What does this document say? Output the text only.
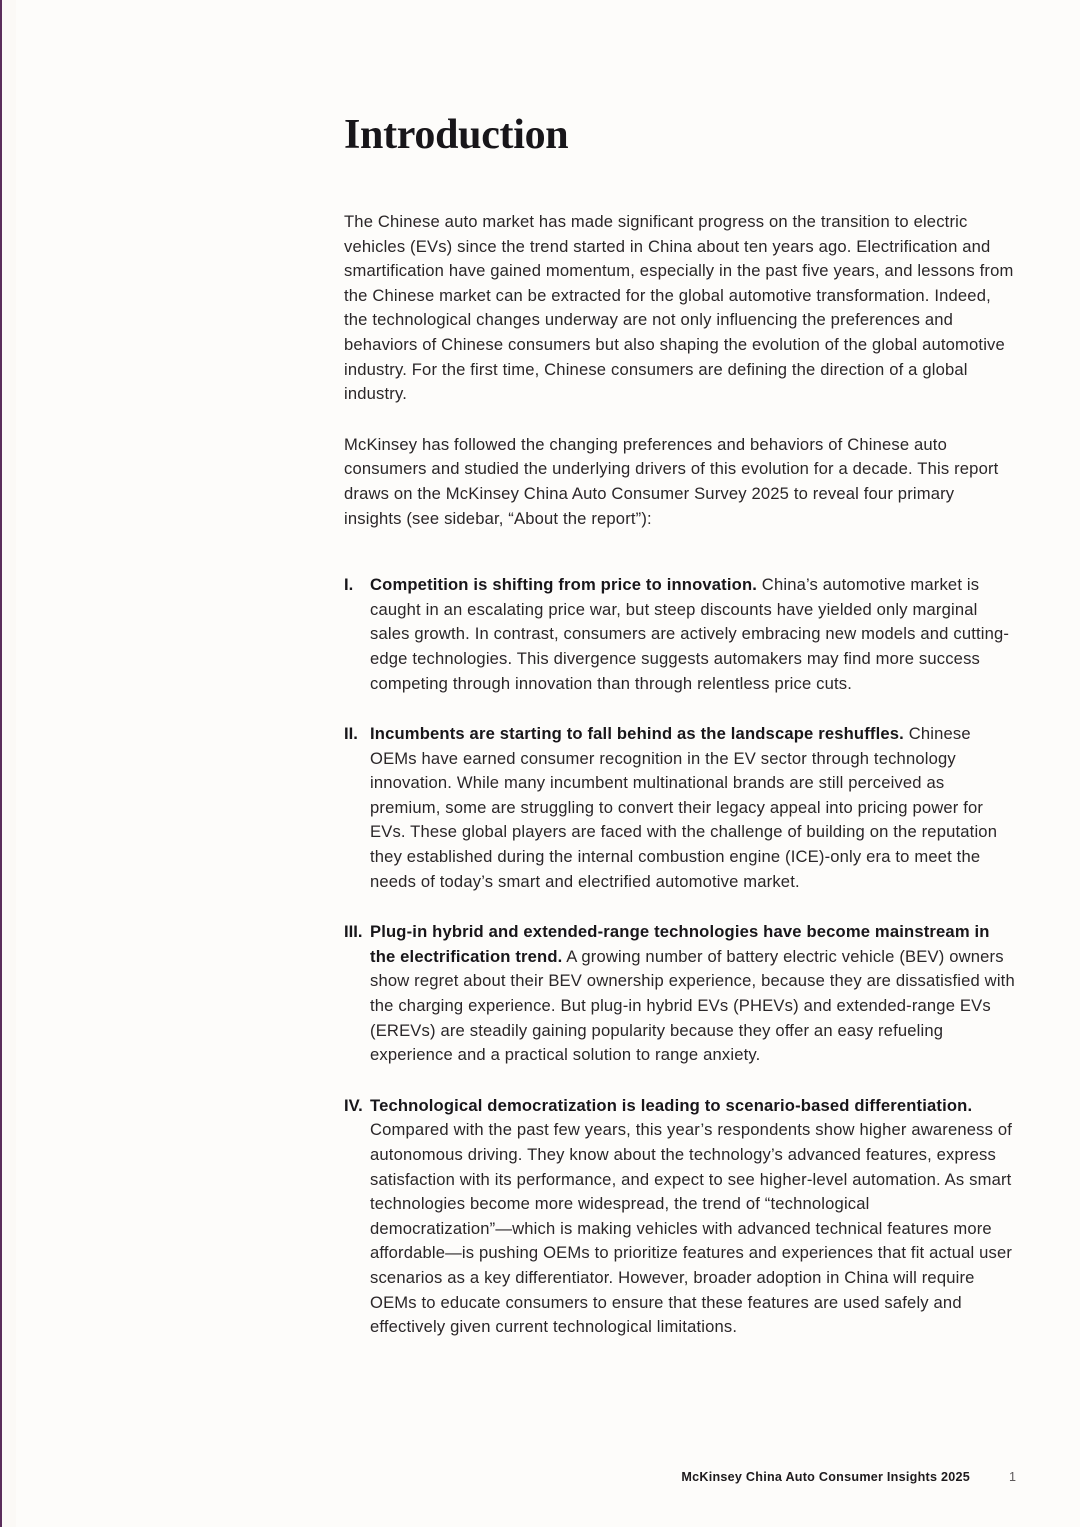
Introduction

The Chinese auto market has made significant progress on the transition to electric vehicles (EVs) since the trend started in China about ten years ago. Electrification and smartification have gained momentum, especially in the past five years, and lessons from the Chinese market can be extracted for the global automotive transformation. Indeed, the technological changes underway are not only influencing the preferences and behaviors of Chinese consumers but also shaping the evolution of the global automotive industry. For the first time, Chinese consumers are defining the direction of a global industry.

McKinsey has followed the changing preferences and behaviors of Chinese auto consumers and studied the underlying drivers of this evolution for a decade. This report draws on the McKinsey China Auto Consumer Survey 2025 to reveal four primary insights (see sidebar, “About the report”):

I. Competition is shifting from price to innovation. China’s automotive market is caught in an escalating price war, but steep discounts have yielded only marginal sales growth. In contrast, consumers are actively embracing new models and cutting-edge technologies. This divergence suggests automakers may find more success competing through innovation than through relentless price cuts.
II. Incumbents are starting to fall behind as the landscape reshuffles. Chinese OEMs have earned consumer recognition in the EV sector through technology innovation. While many incumbent multinational brands are still perceived as premium, some are struggling to convert their legacy appeal into pricing power for EVs. These global players are faced with the challenge of building on the reputation they established during the internal combustion engine (ICE)-only era to meet the needs of today’s smart and electrified automotive market.
III. Plug-in hybrid and extended-range technologies have become mainstream in the electrification trend. A growing number of battery electric vehicle (BEV) owners show regret about their BEV ownership experience, because they are dissatisfied with the charging experience. But plug-in hybrid EVs (PHEVs) and extended-range EVs (EREVs) are steadily gaining popularity because they offer an easy refueling experience and a practical solution to range anxiety.
IV. Technological democratization is leading to scenario-based differentiation. Compared with the past few years, this year’s respondents show higher awareness of autonomous driving. They know about the technology’s advanced features, express satisfaction with its performance, and expect to see higher-level automation. As smart technologies become more widespread, the trend of “technological democratization”—which is making vehicles with advanced technical features more affordable—is pushing OEMs to prioritize features and experiences that fit actual user scenarios as a key differentiator. However, broader adoption in China will require OEMs to educate consumers to ensure that these features are used safely and effectively given current technological limitations.
McKinsey China Auto Consumer Insights 2025	1
